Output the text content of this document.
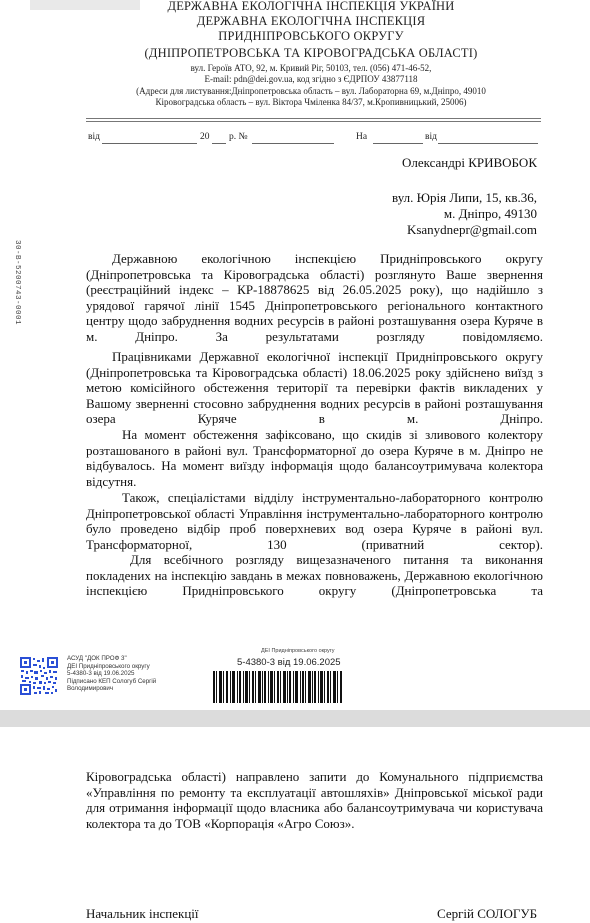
ДЕРЖАВНА ЕКОЛОГІЧНА ІНСПЕКЦІЯ УКРАЇНИ
ДЕРЖАВНА ЕКОЛОГІЧНА ІНСПЕКЦІЯ
ПРИДНІПРОВСЬКОГО ОКРУГУ
(ДНІПРОПЕТРОВСЬКА ТА КІРОВОГРАДСЬКА ОБЛАСТІ)
вул. Героїв АТО, 92, м. Кривий Ріг, 50103, тел. (056) 471-46-52,
E-mail: pdn@dei.gov.ua, код згідно з ЄДРПОУ 43877118
(Адреси для листування:Дніпропетровська область – вул. Лабораторна 69, м.Дніпро, 49010
Кіровоградська область – вул. Віктора Чміленка 84/37, м.Кропивницький, 25006)
від	20 р. №	На	від
Олександрі КРИВОБОК
вул. Юрія Липи, 15, кв.36,
м. Дніпро, 49130
Ksanydnepr@gmail.com
30-В-5200743-0001	Державною екологічною інспекцією Придніпровського округу (Дніпропетровська та Кіровоградська області) розглянуто Ваше звернення (реєстраційний індекс – КР-18878625 від 26.05.2025 року), що надійшло з урядової гарячої лінії 1545 Дніпропетровського регіонального контактного центру щодо забруднення водних ресурсів в районі розташування озера Куряче в м. Дніпро. За результатами розгляду повідомляємо.
Працівниками Державної екологічної інспекції Придніпровського округу (Дніпропетровська та Кіровоградська області) 18.06.2025 року здійснено виїзд з метою комісійного обстеження території та перевірки фактів викладених у Вашому зверненні стосовно забруднення водних ресурсів в районі розташування озера Куряче в м. Дніпро.
На момент обстеження зафіксовано, що скидів зі зливового колектору розташованого в районі вул. Трансформаторної до озера Куряче в м. Дніпро не відбувалось. На момент виїзду інформація щодо балансоутримувача колектора відсутня.
Також, спеціалістами відділу інструментально-лабораторного контролю Дніпропетровської області Управління інструментально-лабораторного контролю було проведено відбір проб поверхневих вод озера Куряче в районі вул. Трансформаторної, 130 (приватний сектор).
Для всебічного розгляду вищезазначеного питання та виконання покладених на інспекцію завдань в межах повноважень, Державною екологічною інспекцією Придніпровського округу (Дніпропетровська та
АСУД "ДОК ПРОФ 3"
ДЕІ Придніпровського округу
5-4380-3 від 19.06.2025
Підписано КЕП Сологуб Сергій Володимирович
ДЕІ Придніпровського округу
5-4380-3 від 19.06.2025
Кіровоградська області) направлено запити до Комунального підприємства «Управління по ремонту та експлуатації автошляхів» Дніпровської міської ради для отримання інформації щодо власника або балансоутримувача чи користувача колектора та до ТОВ «Корпорація «Агро Союз».
Начальник інспекції	Сергій СОЛОГУБ
